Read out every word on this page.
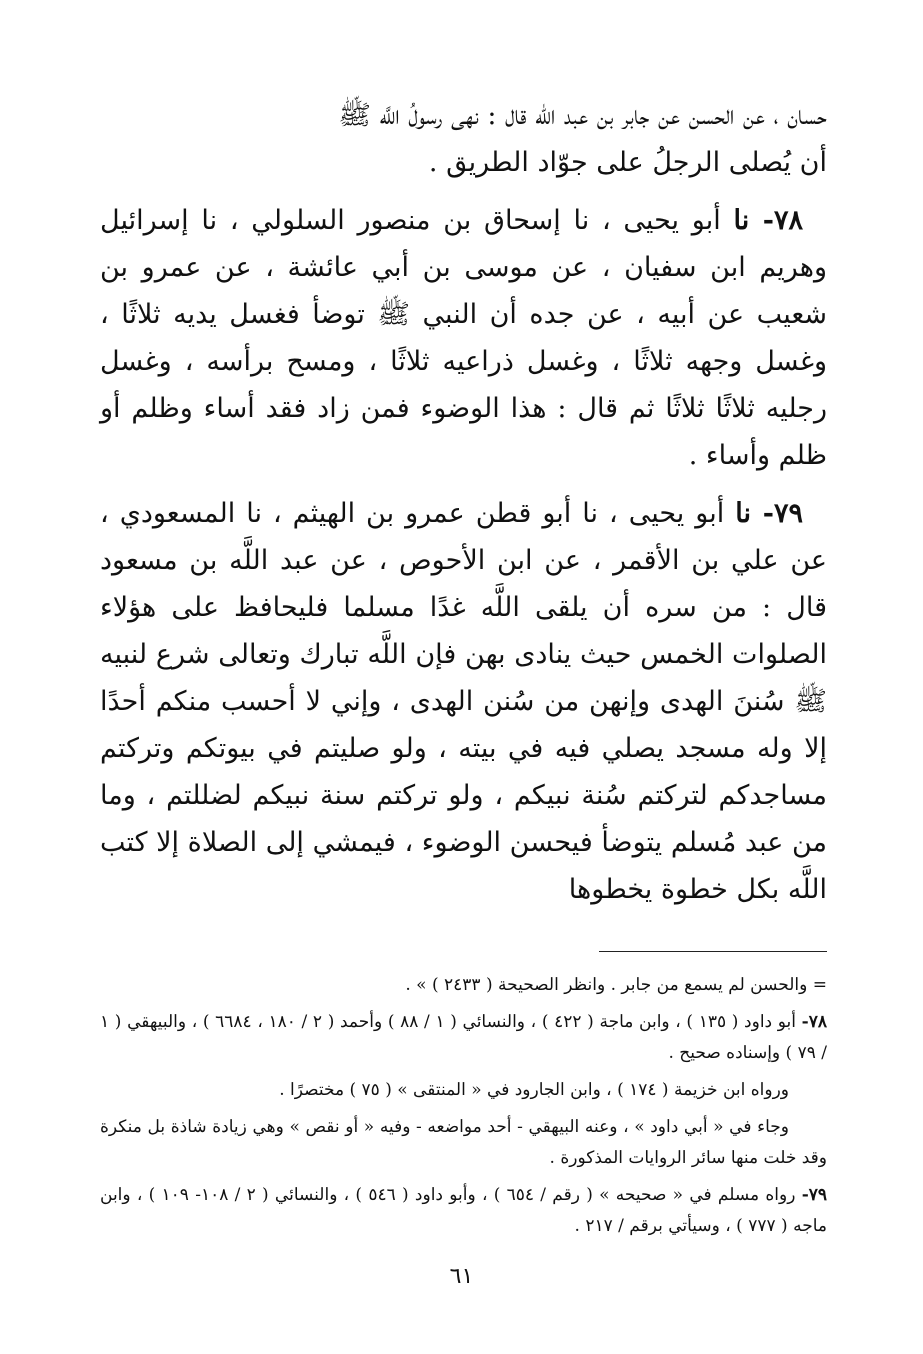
حسان ، عن الحسن عن جابر بن عبد الله قال : نهى رسولُ اللَّه ﷺ
أن يُصلى الرجلُ على جوّاد الطريق .

٧٨- نا أبو يحيى ، نا إسحاق بن منصور السلولي ، نا إسرائيل وهريم ابن سفيان ، عن موسى بن أبي عائشة ، عن عمرو بن شعيب عن أبيه ، عن جده أن النبي ﷺ توضأ فغسل يديه ثلاثًا ، وغسل وجهه ثلاثًا ، وغسل ذراعيه ثلاثًا ، ومسح برأسه ، وغسل رجليه ثلاثًا ثلاثًا ثم قال : هذا الوضوء فمن زاد فقد أساء وظلم أو ظلم وأساء .

٧٩- نا أبو يحيى ، نا أبو قطن عمرو بن الهيثم ، نا المسعودي ، عن علي بن الأقمر ، عن ابن الأحوص ، عن عبد اللَّه بن مسعود قال : من سره أن يلقى اللَّه غدًا مسلما فليحافظ على هؤلاء الصلوات الخمس حيث ينادى بهن فإن اللَّه تبارك وتعالى شرع لنبيه ﷺ سُننَ الهدى وإنهن من سُنن الهدى ، وإني لا أحسب منكم أحدًا إلا وله مسجد يصلي فيه في بيته ، ولو صليتم في بيوتكم وتركتم مساجدكم لتركتم سُنة نبيكم ، ولو تركتم سنة نبيكم لضللتم ، وما من عبد مُسلم يتوضأ فيحسن الوضوء ، فيمشي إلى الصلاة إلا كتب اللَّه بكل خطوة يخطوها

= والحسن لم يسمع من جابر . وانظر الصحيحة ( ٢٤٣٣ ) » .

٧٨- أبو داود ( ١٣٥ ) ، وابن ماجة ( ٤٢٢ ) ، والنسائي ( ١ / ٨٨ ) وأحمد ( ٢ / ١٨٠ ، ٦٦٨٤ ) ، والبيهقي ( ١ / ٧٩ ) وإسناده صحيح .

ورواه ابن خزيمة ( ١٧٤ ) ، وابن الجارود في « المنتقى » ( ٧٥ ) مختصرًا .

وجاء في « أبي داود » ، وعنه البيهقي - أحد مواضعه - وفيه « أو نقص » وهي زيادة شاذة بل منكرة وقد خلت منها سائر الروايات المذكورة .

٧٩- رواه مسلم في « صحيحه » ( رقم / ٦٥٤ ) ، وأبو داود ( ٥٤٦ ) ، والنسائي ( ٢ / ١٠٨- ١٠٩ ) ، وابن ماجه ( ٧٧٧ ) ، وسيأتي برقم / ٢١٧ .

٦١
